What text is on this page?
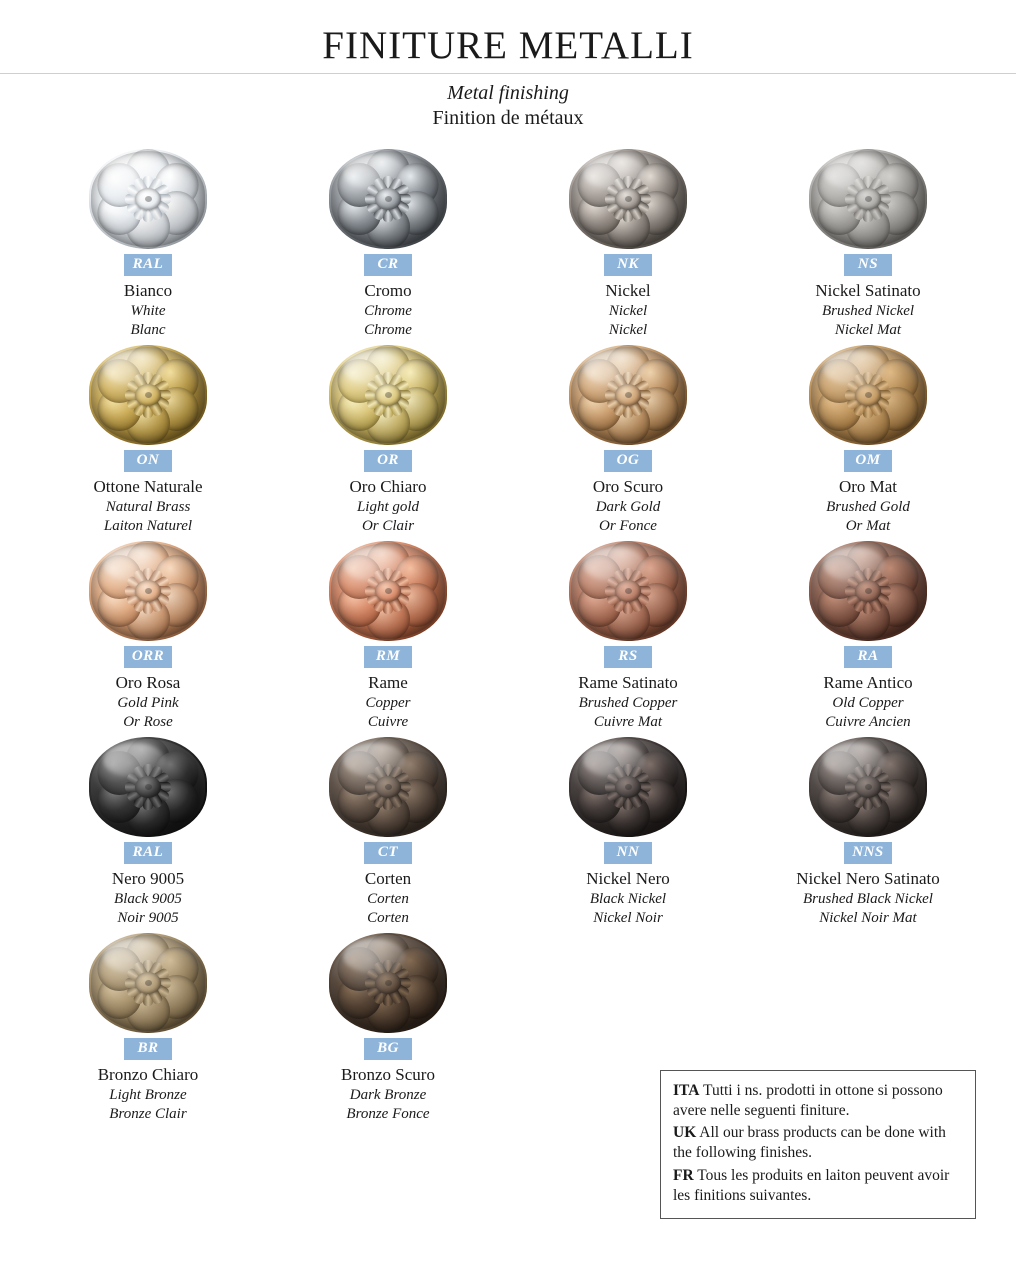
FINITURE METALLI
Metal finishing
Finition de métaux
RAL
Bianco
White
Blanc
CR
Cromo
Chrome
Chrome
NK
Nickel
Nickel
Nickel
NS
Nickel Satinato
Brushed Nickel
Nickel Mat
ON
Ottone Naturale
Natural Brass
Laiton Naturel
OR
Oro Chiaro
Light gold
Or Clair
OG
Oro Scuro
Dark Gold
Or Fonce
OM
Oro Mat
Brushed Gold
Or Mat
ORR
Oro Rosa
Gold Pink
Or Rose
RM
Rame
Copper
Cuivre
RS
Rame Satinato
Brushed Copper
Cuivre Mat
RA
Rame Antico
Old Copper
Cuivre Ancien
RAL
Nero 9005
Black 9005
Noir 9005
CT
Corten
Corten
Corten
NN
Nickel Nero
Black Nickel
Nickel Noir
NNS
Nickel Nero Satinato
Brushed Black Nickel
Nickel Noir Mat
BR
Bronzo Chiaro
Light Bronze
Bronze Clair
BG
Bronzo Scuro
Dark Bronze
Bronze Fonce

ITA Tutti i ns. prodotti in ottone si possono avere nelle seguenti finiture.

UK All our brass products can be done with the following finishes.

FR Tous les produits en laiton peuvent avoir les finitions suivantes.
